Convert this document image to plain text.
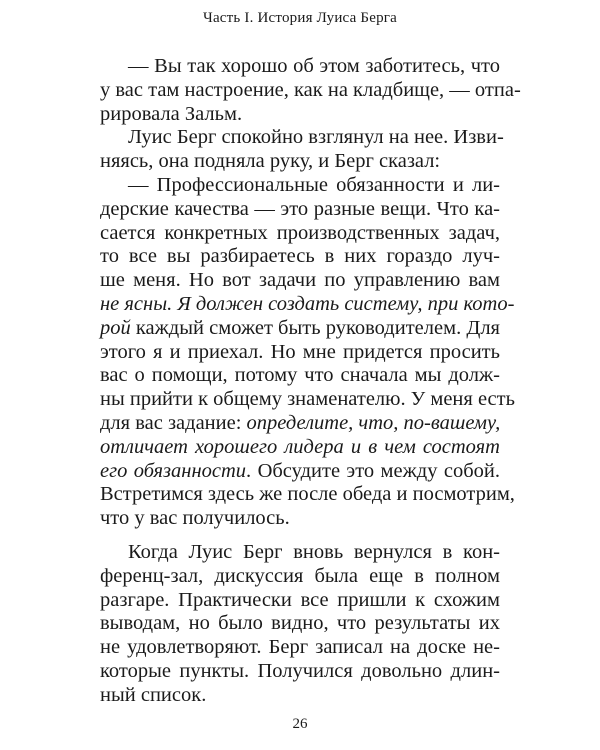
Часть I. История Луиса Берга
— Вы так хорошо об этом заботитесь, что
у вас там настроение, как на кладбище, — отпа-
рировала Зальм.
Луис Берг спокойно взглянул на нее. Изви-
няясь, она подняла руку, и Берг сказал:
— Профессиональные обязанности и ли-
дерские качества — это разные вещи. Что ка-
сается конкретных производственных задач,
то все вы разбираетесь в них гораздо луч-
ше меня. Но вот задачи по управлению вам
не ясны. Я должен создать систему, при кото-
рой каждый сможет быть руководителем. Для
этого я и приехал. Но мне придется просить
вас о помощи, потому что сначала мы долж-
ны прийти к общему знаменателю. У меня есть
для вас задание: определите, что, по-вашему,
отличает хорошего лидера и в чем состоят
его обязанности. Обсудите это между собой.
Встретимся здесь же после обеда и посмотрим,
что у вас получилось.
Когда Луис Берг вновь вернулся в кон-
ференц-зал, дискуссия была еще в полном
разгаре. Практически все пришли к схожим
выводам, но было видно, что результаты их
не удовлетворяют. Берг записал на доске не-
которые пункты. Получился довольно длин-
ный список.
26
